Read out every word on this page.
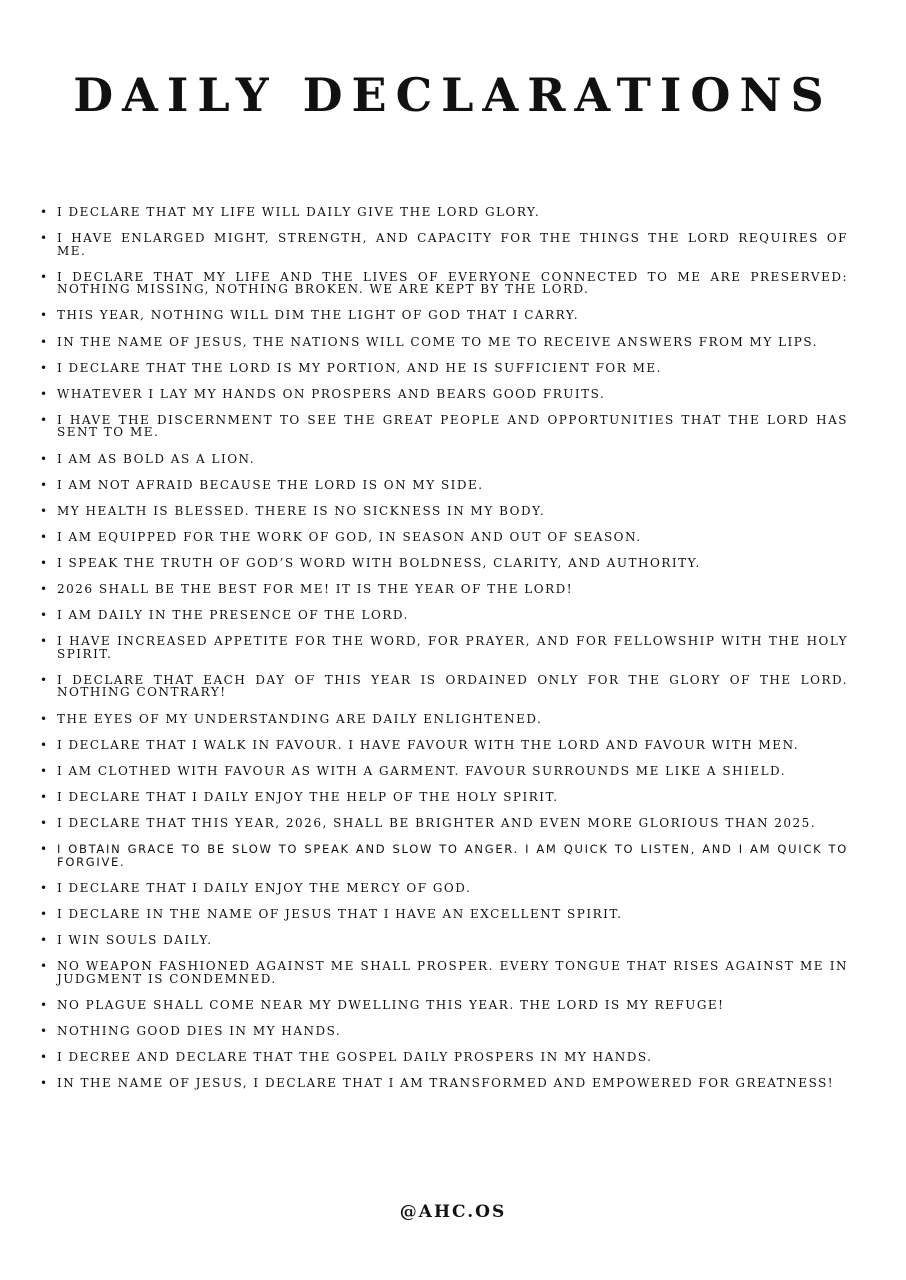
DAILY DECLARATIONS
• I DECLARE THAT MY LIFE WILL DAILY GIVE THE LORD GLORY.
• I HAVE ENLARGED MIGHT, STRENGTH, AND CAPACITY FOR THE THINGS THE LORD REQUIRES OF ME.
• I DECLARE THAT MY LIFE AND THE LIVES OF EVERYONE CONNECTED TO ME ARE PRESERVED: NOTHING MISSING, NOTHING BROKEN. WE ARE KEPT BY THE LORD.
• THIS YEAR, NOTHING WILL DIM THE LIGHT OF GOD THAT I CARRY.
• IN THE NAME OF JESUS, THE NATIONS WILL COME TO ME TO RECEIVE ANSWERS FROM MY LIPS.
• I DECLARE THAT THE LORD IS MY PORTION, AND HE IS SUFFICIENT FOR ME.
• WHATEVER I LAY MY HANDS ON PROSPERS AND BEARS GOOD FRUITS.
• I HAVE THE DISCERNMENT TO SEE THE GREAT PEOPLE AND OPPORTUNITIES THAT THE LORD HAS SENT TO ME.
• I AM AS BOLD AS A LION.
• I AM NOT AFRAID BECAUSE THE LORD IS ON MY SIDE.
• MY HEALTH IS BLESSED. THERE IS NO SICKNESS IN MY BODY.
• I AM EQUIPPED FOR THE WORK OF GOD, IN SEASON AND OUT OF SEASON.
• I SPEAK THE TRUTH OF GOD’S WORD WITH BOLDNESS, CLARITY, AND AUTHORITY.
• 2026 SHALL BE THE BEST FOR ME! IT IS THE YEAR OF THE LORD!
• I AM DAILY IN THE PRESENCE OF THE LORD.
• I HAVE INCREASED APPETITE FOR THE WORD, FOR PRAYER, AND FOR FELLOWSHIP WITH THE HOLY SPIRIT.
• I DECLARE THAT EACH DAY OF THIS YEAR IS ORDAINED ONLY FOR THE GLORY OF THE LORD. NOTHING CONTRARY!
• THE EYES OF MY UNDERSTANDING ARE DAILY ENLIGHTENED.
• I DECLARE THAT I WALK IN FAVOUR. I HAVE FAVOUR WITH THE LORD AND FAVOUR WITH MEN.
• I AM CLOTHED WITH FAVOUR AS WITH A GARMENT. FAVOUR SURROUNDS ME LIKE A SHIELD.
• I DECLARE THAT I DAILY ENJOY THE HELP OF THE HOLY SPIRIT.
• I DECLARE THAT THIS YEAR, 2026, SHALL BE BRIGHTER AND EVEN MORE GLORIOUS THAN 2025.
• I OBTAIN GRACE TO BE SLOW TO SPEAK AND SLOW TO ANGER. I AM QUICK TO LISTEN, AND I AM QUICK TO FORGIVE.
• I DECLARE THAT I DAILY ENJOY THE MERCY OF GOD.
• I DECLARE IN THE NAME OF JESUS THAT I HAVE AN EXCELLENT SPIRIT.
• I WIN SOULS DAILY.
• NO WEAPON FASHIONED AGAINST ME SHALL PROSPER. EVERY TONGUE THAT RISES AGAINST ME IN JUDGMENT IS CONDEMNED.
• NO PLAGUE SHALL COME NEAR MY DWELLING THIS YEAR. THE LORD IS MY REFUGE!
• NOTHING GOOD DIES IN MY HANDS.
• I DECREE AND DECLARE THAT THE GOSPEL DAILY PROSPERS IN MY HANDS.
• IN THE NAME OF JESUS, I DECLARE THAT I AM TRANSFORMED AND EMPOWERED FOR GREATNESS!
@AHC.OS
